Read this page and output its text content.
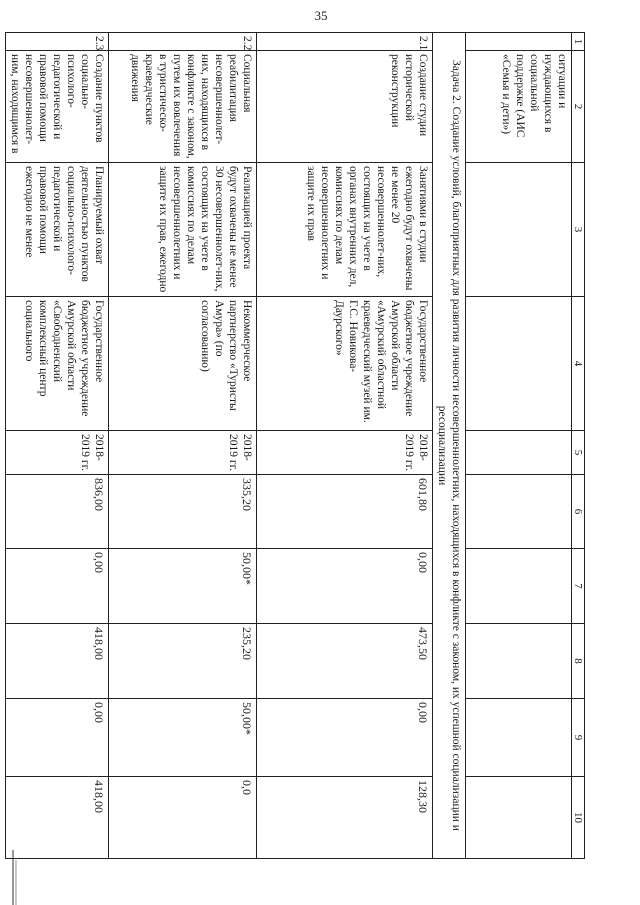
35
1	2	3	4	5	6	7	8	9	10
	ситуации и нуждающихся в социальной поддержке (АИС «Семья и дети»)								
Задача 2. Создание условий, благоприятных для развития личности несовершеннолетних, находящихся в конфликте с законом, их успешной социализации и ресоциализации									
2.1	Создание студии исторической реконструкции	Занятиями в студии ежегодно будут охвачены не менее 20 несовершеннолет-них, состоящих на учете в органах внутренних дел, комиссиях по делам несовершеннолетних и защите их прав	Государственное бюджетное учреждение Амурской области «Амурский областной краеведческий музей им. Г.С. Новикова-Даурского»	2018-2019 гг.	601,80	0,00	473,50	0,00	128,30
2.2	Социальная реабилитация несовершеннолет-них, находящихся в конфликте с законом, путем их вовлечения в туристическо-краеведческие движения	Реализацией проекта будут охвачены не менее 30 несовершеннолет-них, состоящих на учете в комиссиях по делам несовершеннолетних и защите их прав, ежегодно	Некоммерческое партнерство «Туристы Амура» (по согласованию)	2018-2019 гг.	335,20	50,00*	235,20	50,00*	0,0
2.3	Создание пунктов социально-психолого-педагогической и правовой помощи несовершеннолет-ним, находящимся в	Планируемый охват деятельностью пунктов социально-психолого-педагогической и правовой помощи ежегодно не менее	Государственное бюджетное учреждение Амурской области «Свободненский комплексный центр социального	2018-2019 гг.	836,00	0,00	418,00	0,00	418,00
